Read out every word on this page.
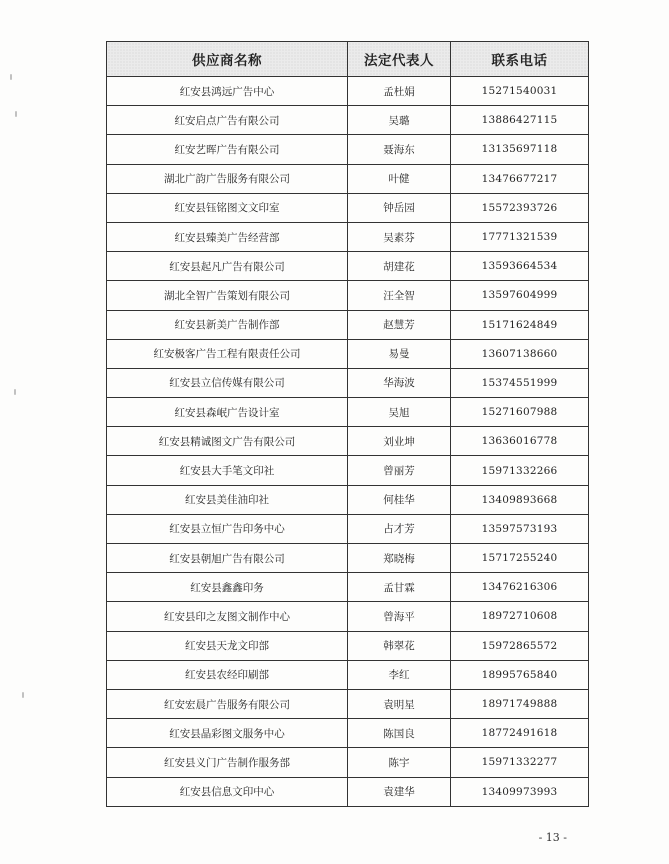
供应商名称	法定代表人	联系电话
红安县鸿远广告中心	孟杜娟	15271540031
红安启点广告有限公司	吴璐	13886427115
红安艺晖广告有限公司	聂海东	13135697118
湖北广韵广告服务有限公司	叶健	13476677217
红安县钰铭图文文印室	钟岳园	15572393726
红安县臻美广告经营部	吴素芬	17771321539
红安县起凡广告有限公司	胡建花	13593664534
湖北全智广告策划有限公司	汪全智	13597604999
红安县新美广告制作部	赵慧芳	15171624849
红安极客广告工程有限责任公司	易曼	13607138660
红安县立信传媒有限公司	华海波	15374551999
红安县森岷广告设计室	吴旭	15271607988
红安县精诚图文广告有限公司	刘业坤	13636016778
红安县大手笔文印社	曾丽芳	15971332266
红安县美佳油印社	何桂华	13409893668
红安县立恒广告印务中心	占才芳	13597573193
红安县朝旭广告有限公司	郑晓梅	15717255240
红安县鑫鑫印务	孟甘霖	13476216306
红安县印之友图文制作中心	曾海平	18972710608
红安县天龙文印部	韩翠花	15972865572
红安县农经印刷部	李红	18995765840
红安宏晨广告服务有限公司	袁明星	18971749888
红安县晶彩图文服务中心	陈国良	18772491618
红安县义门广告制作服务部	陈宇	15971332277
红安县信息文印中心	袁建华	13409973993
- 13 -
